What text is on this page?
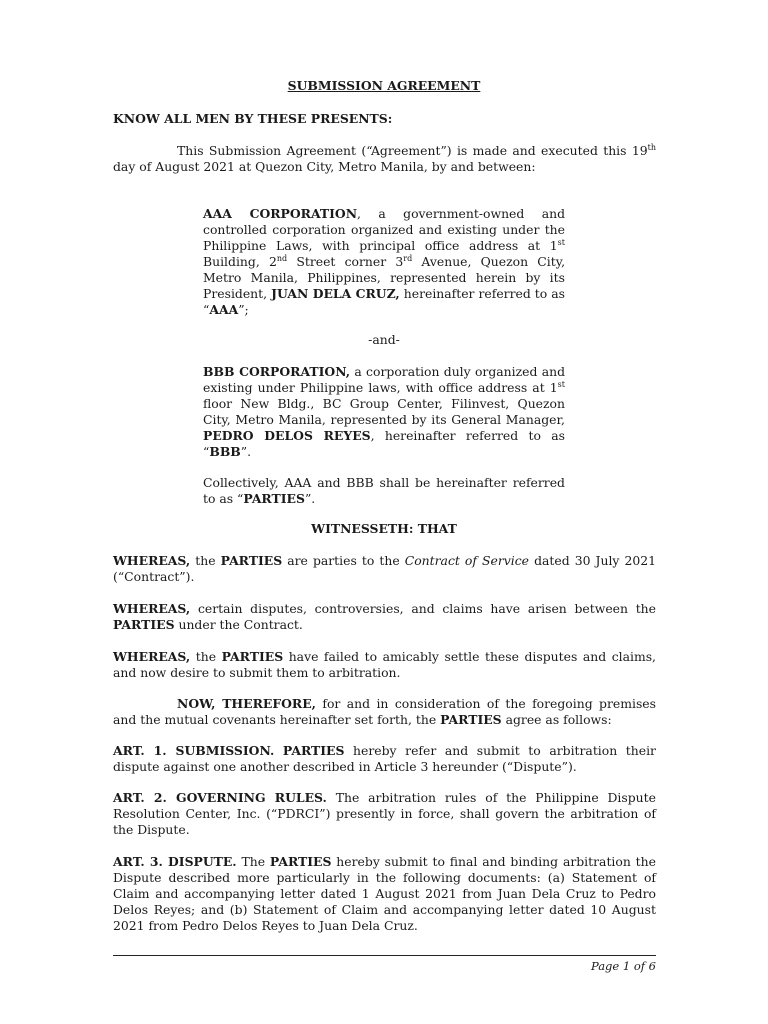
SUBMISSION AGREEMENT
KNOW ALL MEN BY THESE PRESENTS:

This Submission Agreement (“Agreement”) is made and executed this 19th day of August 2021 at Quezon City, Metro Manila, by and between:

AAA CORPORATION, a government-owned and controlled corporation organized and existing under the Philippine Laws, with principal office address at 1st Building, 2nd Street corner 3rd Avenue, Quezon City, Metro Manila, Philippines, represented herein by its President, JUAN DELA CRUZ, hereinafter referred to as “AAA”;

-and-

BBB CORPORATION, a corporation duly organized and existing under Philippine laws, with office address at 1st floor New Bldg., BC Group Center, Filinvest, Quezon City, Metro Manila, represented by its General Manager, PEDRO DELOS REYES, hereinafter referred to as “BBB”.

Collectively, AAA and BBB shall be hereinafter referred to as “PARTIES”.

WITNESSETH: THAT

WHEREAS, the PARTIES are parties to the Contract of Service dated 30 July 2021 (“Contract”).

WHEREAS, certain disputes, controversies, and claims have arisen between the PARTIES under the Contract.

WHEREAS, the PARTIES have failed to amicably settle these disputes and claims, and now desire to submit them to arbitration.

NOW, THEREFORE, for and in consideration of the foregoing premises and the mutual covenants hereinafter set forth, the PARTIES agree as follows:

ART. 1. SUBMISSION. PARTIES hereby refer and submit to arbitration their dispute against one another described in Article 3 hereunder (“Dispute”).

ART. 2. GOVERNING RULES. The arbitration rules of the Philippine Dispute Resolution Center, Inc. (“PDRCI”) presently in force, shall govern the arbitration of the Dispute.

ART. 3. DISPUTE. The PARTIES hereby submit to final and binding arbitration the Dispute described more particularly in the following documents: (a) Statement of Claim and accompanying letter dated 1 August 2021 from Juan Dela Cruz to Pedro Delos Reyes; and (b) Statement of Claim and accompanying letter dated 10 August 2021 from Pedro Delos Reyes to Juan Dela Cruz.

Page 1 of 6
